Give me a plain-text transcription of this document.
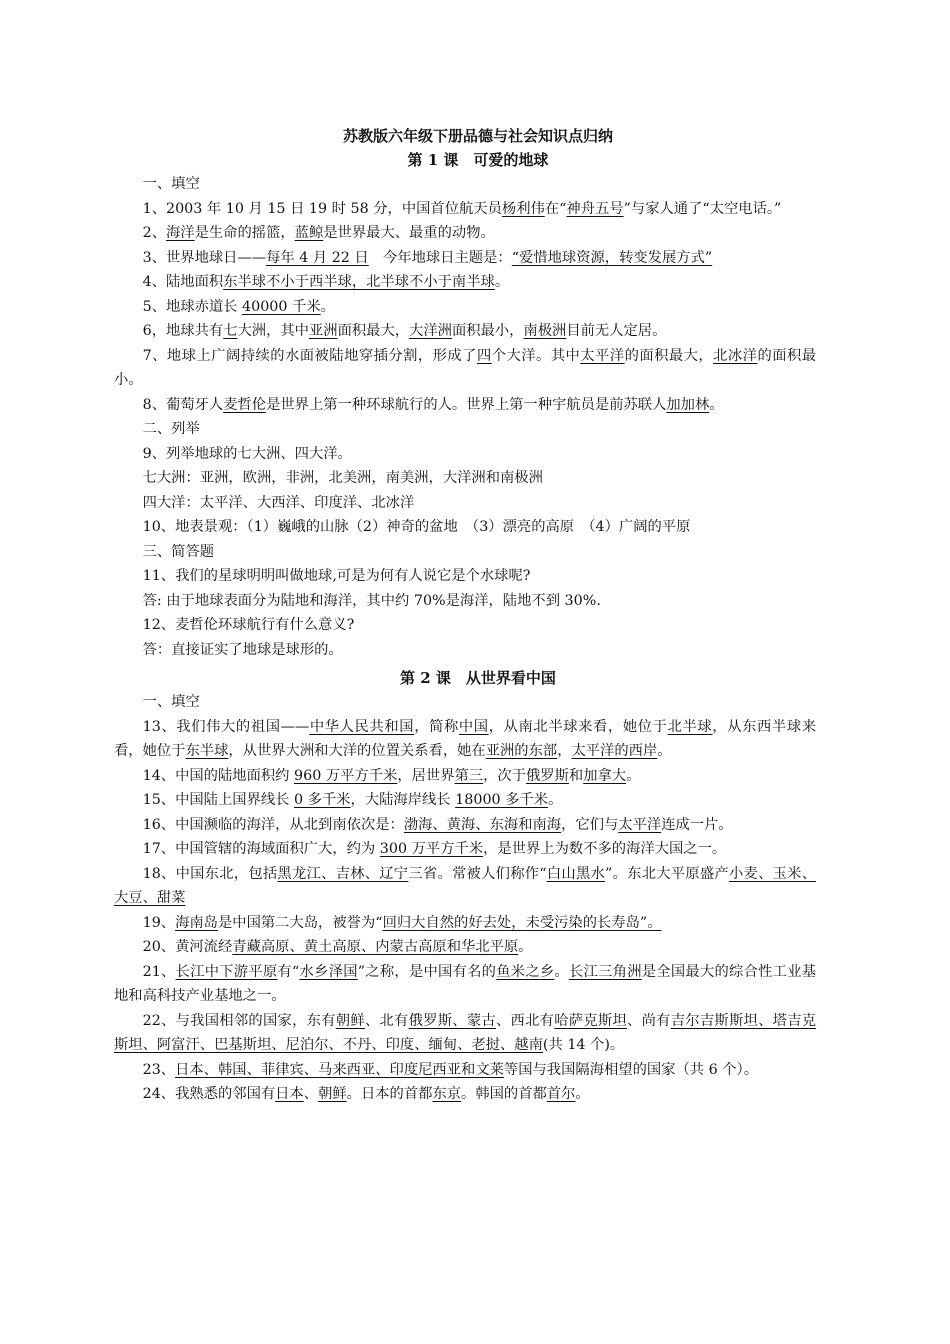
苏教版六年级下册品德与社会知识点归纳
第 1 课　可爱的地球
一、填空
1、2003 年 10 月 15 日 19 时 58 分，中国首位航天员杨利伟在“神舟五号”与家人通了“太空电话。”
2、海洋是生命的摇篮，蓝鲸是世界最大、最重的动物。
3、世界地球日——每年 4 月 22 日　今年地球日主题是：“爱惜地球资源，转变发展方式”
4、陆地面积东半球不小于西半球，北半球不小于南半球。
5、地球赤道长 40000 千米。
6，地球共有七大洲，其中亚洲面积最大，大洋洲面积最小，南极洲目前无人定居。
7、地球上广阔持续的水面被陆地穿插分割，形成了四个大洋。其中太平洋的面积最大，北冰洋的面积最小。
8、葡萄牙人麦哲伦是世界上第一种环球航行的人。世界上第一种宇航员是前苏联人加加林。
二、列举
9、列举地球的七大洲、四大洋。
七大洲：亚洲，欧洲，非洲，北美洲，南美洲，大洋洲和南极洲
四大洋：太平洋、大西洋、印度洋、北冰洋
10、地表景观：（1）巍峨的山脉（2）神奇的盆地　（3）漂亮的高原　（4）广阔的平原
三、简答题
11、我们的星球明明叫做地球,可是为何有人说它是个水球呢?
答: 由于地球表面分为陆地和海洋，其中约 70%是海洋，陆地不到 30%.
12、麦哲伦环球航行有什么意义?
答：直接证实了地球是球形的。
第 2 课　从世界看中国
一、填空
13、我们伟大的祖国——中华人民共和国，简称中国，从南北半球来看，她位于北半球，从东西半球来看，她位于东半球，从世界大洲和大洋的位置关系看，她在亚洲的东部，太平洋的西岸。
14、中国的陆地面积约 960 万平方千米，居世界第三，次于俄罗斯和加拿大。
15、中国陆上国界线长 0 多千米，大陆海岸线长 18000 多千米。
16、中国濒临的海洋，从北到南依次是：渤海、黄海、东海和南海，它们与太平洋连成一片。
17、中国管辖的海域面积广大，约为 300 万平方千米，是世界上为数不多的海洋大国之一。
18、中国东北，包括黑龙江、吉林、辽宁三省。常被人们称作“白山黑水”。东北大平原盛产小麦、玉米、大豆、甜菜
19、海南岛是中国第二大岛，被誉为“回归大自然的好去处，未受污染的长寿岛”。
20、黄河流经青藏高原、黄土高原、内蒙古高原和华北平原。
21、长江中下游平原有“水乡泽国”之称，是中国有名的鱼米之乡。长江三角洲是全国最大的综合性工业基地和高科技产业基地之一。
22、与我国相邻的国家，东有朝鲜、北有俄罗斯、蒙古、西北有哈萨克斯坦、尚有吉尔吉斯斯坦、塔吉克斯坦、阿富汗、巴基斯坦、尼泊尔、不丹、印度、缅甸、老挝、越南(共 14 个)。
23、日本、韩国、菲律宾、马来西亚、印度尼西亚和文莱等国与我国隔海相望的国家（共 6 个）。
24、我熟悉的邻国有日本、朝鲜。日本的首都东京。韩国的首都首尔。
